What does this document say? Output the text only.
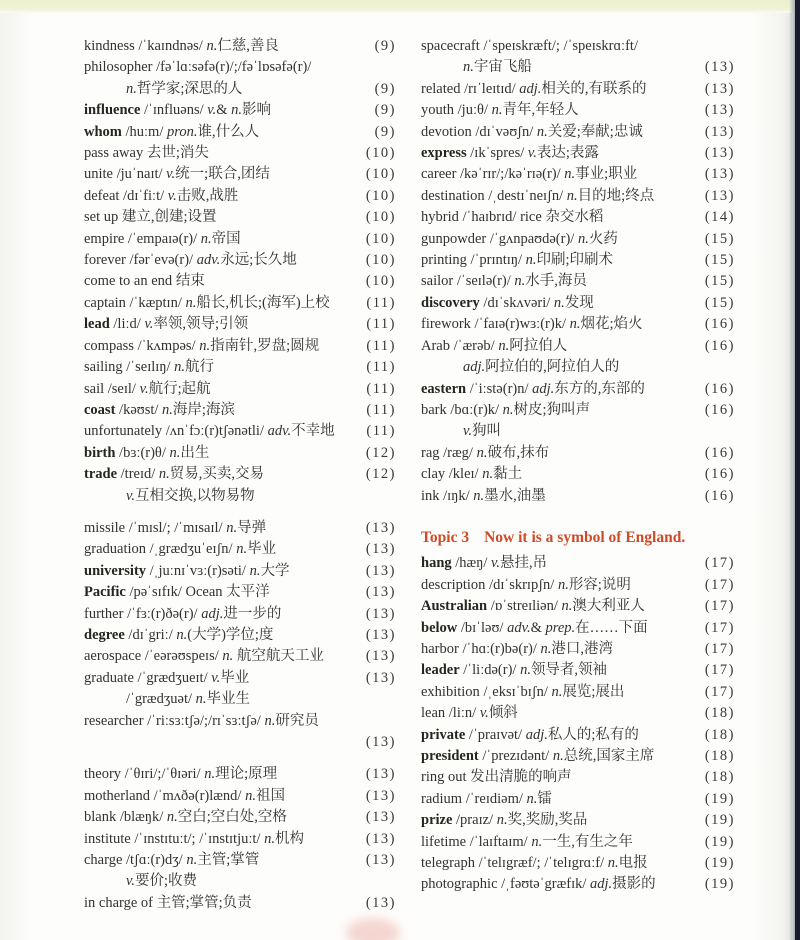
kindness /ˈkaɪndnəs/ n.仁慈,善良	(9)
philosopher /fəˈlɑːsəfə(r)/;/fəˈlɒsəfə(r)/
n.哲学家;深思的人	(9)
influence /ˈɪnfluəns/ v.& n.影响	(9)
whom /huːm/ pron.谁,什么人	(9)
pass away 去世;消失	(10)
unite /juˈnaɪt/ v.统一;联合,团结	(10)
defeat /dɪˈfiːt/ v.击败,战胜	(10)
set up 建立,创建;设置	(10)
empire /ˈempaɪə(r)/ n.帝国	(10)
forever /fərˈevə(r)/ adv.永远;长久地	(10)
come to an end 结束	(10)
captain /ˈkæptɪn/ n.船长,机长;(海军)上校	(11)
lead /liːd/ v.率领,领导;引领	(11)
compass /ˈkʌmpəs/ n.指南针,罗盘;圆规	(11)
sailing /ˈseɪlɪŋ/ n.航行	(11)
sail /seɪl/ v.航行;起航	(11)
coast /kəʊst/ n.海岸;海滨	(11)
unfortunately /ʌnˈfɔː(r)tʃənətli/ adv.不幸地 (11)
birth /bɜː(r)θ/ n.出生	(12)
trade /treɪd/ n.贸易,买卖,交易	(12)
v.互相交换,以物易物
missile /ˈmɪsl/; /ˈmɪsaɪl/ n.导弹	(13)
graduation /ˌgrædʒuˈeɪʃn/ n.毕业	(13)
university /ˌjuːnɪˈvɜː(r)səti/ n.大学	(13)
Pacific /pəˈsɪfɪk/ Ocean 太平洋	(13)
further /ˈfɜː(r)ðə(r)/ adj.进一步的	(13)
degree /dɪˈgriː/ n.(大学)学位;度	(13)
aerospace /ˈeərəʊspeɪs/ n. 航空航天工业	(13)
graduate /ˈgrædʒueɪt/ v.毕业	(13)
/ˈgrædʒuət/ n.毕业生
researcher /ˈriːsɜːtʃə/;/rɪˈsɜːtʃə/ n.研究员
(13)
theory /ˈθɪri/;/ˈθɪəri/ n.理论;原理	(13)
motherland /ˈmʌðə(r)lænd/ n.祖国	(13)
blank /blæŋk/ n.空白;空白处,空格	(13)
institute /ˈɪnstɪtuːt/; /ˈɪnstɪtjuːt/ n.机构	(13)
charge /tʃɑː(r)dʒ/ n.主管;掌管	(13)
v.要价;收费
in charge of 主管;掌管;负责	(13)
spacecraft /ˈspeɪskræft/; /ˈspeɪskrɑːft/
n.宇宙飞船	(13)
related /rɪˈleɪtɪd/ adj.相关的,有联系的	(13)
youth /juːθ/ n.青年,年轻人	(13)
devotion /dɪˈvəʊʃn/ n.关爱;奉献;忠诚	(13)
express /ɪkˈspres/ v.表达;表露	(13)
career /kəˈrɪr/;/kəˈrɪə(r)/ n.事业;职业	(13)
destination /ˌdestɪˈneɪʃn/ n.目的地;终点	(13)
hybrid /ˈhaɪbrɪd/ rice 杂交水稻	(14)
gunpowder /ˈgʌnpaʊdə(r)/ n.火药	(15)
printing /ˈprɪntɪŋ/ n.印刷;印刷术	(15)
sailor /ˈseɪlə(r)/ n.水手,海员	(15)
discovery /dɪˈskʌvəri/ n.发现	(15)
firework /ˈfaɪə(r)wɜː(r)k/ n.烟花;焰火	(16)
Arab /ˈærəb/ n.阿拉伯人	(16)
adj.阿拉伯的,阿拉伯人的
eastern /ˈiːstə(r)n/ adj.东方的,东部的	(16)
bark /bɑː(r)k/ n.树皮;狗叫声	(16)
v.狗叫
rag /ræg/ n.破布,抹布	(16)
clay /kleɪ/ n.黏土	(16)
ink /ɪŋk/ n.墨水,油墨	(16)
Topic 3 Now it is a symbol of England.
hang /hæŋ/ v.悬挂,吊	(17)
description /dɪˈskrɪpʃn/ n.形容;说明	(17)
Australian /ɒˈstreɪliən/ n.澳大利亚人	(17)
below /bɪˈləʊ/ adv.& prep.在……下面	(17)
harbor /ˈhɑː(r)bə(r)/ n.港口,港湾	(17)
leader /ˈliːdə(r)/ n.领导者,领袖	(17)
exhibition /ˌeksɪˈbɪʃn/ n.展览;展出	(17)
lean /liːn/ v.倾斜	(18)
private /ˈpraɪvət/ adj.私人的;私有的	(18)
president /ˈprezɪdənt/ n.总统,国家主席	(18)
ring out 发出清脆的响声	(18)
radium /ˈreɪdiəm/ n.镭	(19)
prize /praɪz/ n.奖,奖励,奖品	(19)
lifetime /ˈlaɪftaɪm/ n.一生,有生之年	(19)
telegraph /ˈtelɪgræf/; /ˈtelɪgrɑːf/ n.电报	(19)
photographic /ˌfəʊtəˈgræfɪk/ adj.摄影的	(19)
